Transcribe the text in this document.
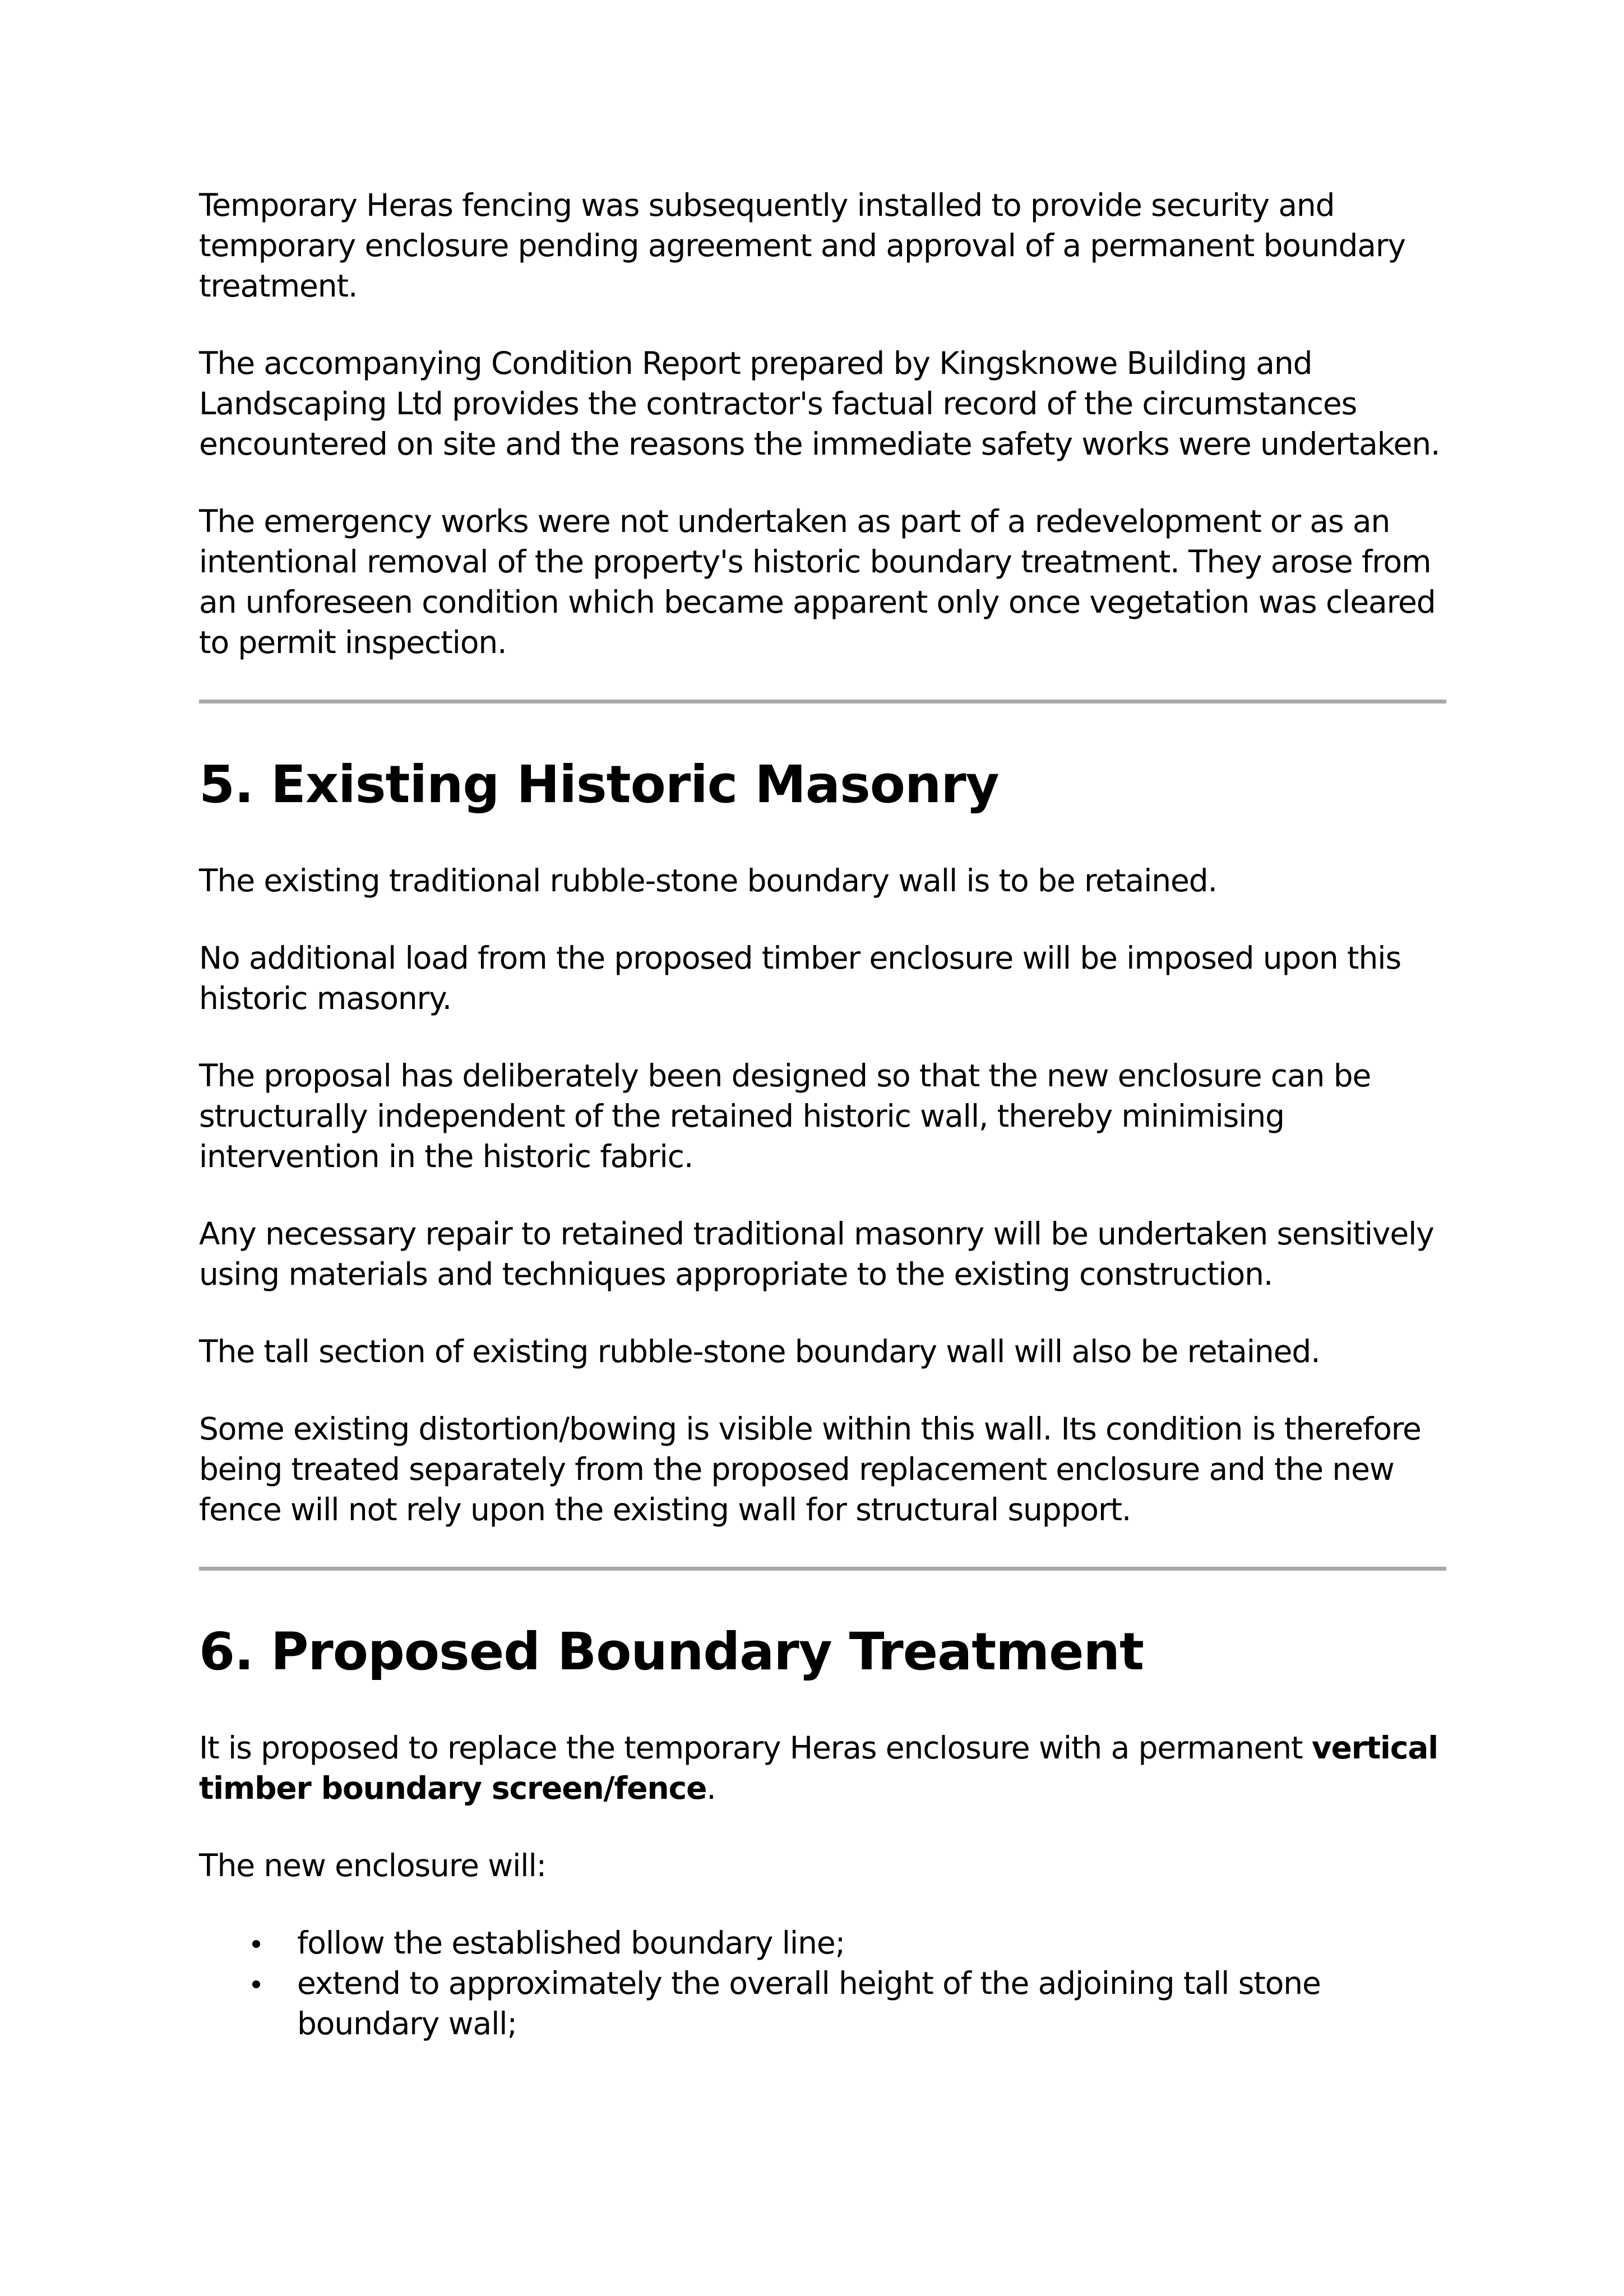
Temporary Heras fencing was subsequently installed to provide security and temporary enclosure pending agreement and approval of a permanent boundary treatment.

The accompanying Condition Report prepared by Kingsknowe Building and Landscaping Ltd provides the contractor's factual record of the circumstances encountered on site and the reasons the immediate safety works were undertaken.

The emergency works were not undertaken as part of a redevelopment or as an intentional removal of the property's historic boundary treatment. They arose from an unforeseen condition which became apparent only once vegetation was cleared to permit inspection.

5. Existing Historic Masonry

The existing traditional rubble-stone boundary wall is to be retained.

No additional load from the proposed timber enclosure will be imposed upon this historic masonry.

The proposal has deliberately been designed so that the new enclosure can be structurally independent of the retained historic wall, thereby minimising intervention in the historic fabric.

Any necessary repair to retained traditional masonry will be undertaken sensitively using materials and techniques appropriate to the existing construction.

The tall section of existing rubble-stone boundary wall will also be retained.

Some existing distortion/bowing is visible within this wall. Its condition is therefore being treated separately from the proposed replacement enclosure and the new fence will not rely upon the existing wall for structural support.

6. Proposed Boundary Treatment

It is proposed to replace the temporary Heras enclosure with a permanent vertical timber boundary screen/fence.

The new enclosure will:

follow the established boundary line;
extend to approximately the overall height of the adjoining tall stone boundary wall;
